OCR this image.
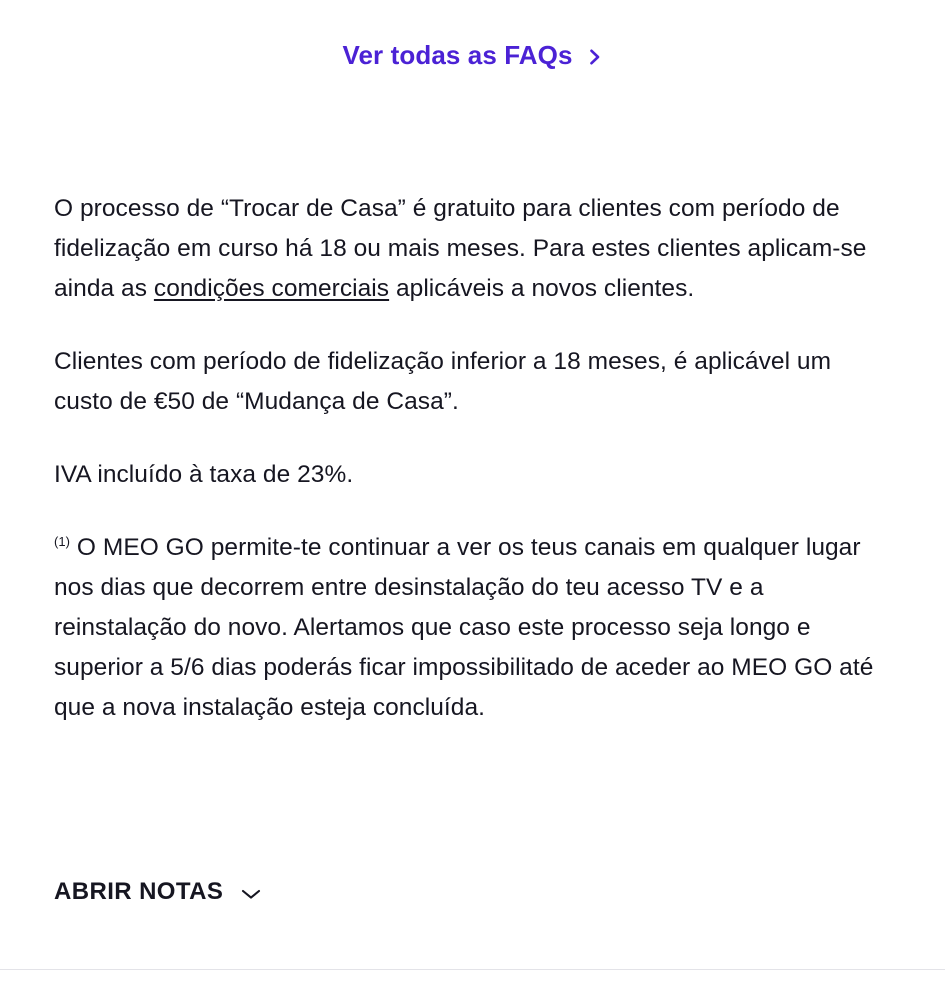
Ver todas as FAQs

O processo de “Trocar de Casa” é gratuito para clientes com período de fidelização em curso há 18 ou mais meses. Para estes clientes aplicam-se ainda as condições comerciais aplicáveis a novos clientes.

Clientes com período de fidelização inferior a 18 meses, é aplicável um custo de €50 de “Mudança de Casa”.

IVA incluído à taxa de 23%.

$^{(1)}$ O MEO GO permite-te continuar a ver os teus canais em qualquer lugar nos dias que decorrem entre desinstalação do teu acesso TV e a reinstalação do novo. Alertamos que caso este processo seja longo e superior a 5/6 dias poderás ficar impossibilitado de aceder ao MEO GO até que a nova instalação esteja concluída.

ABRIR NOTAS
